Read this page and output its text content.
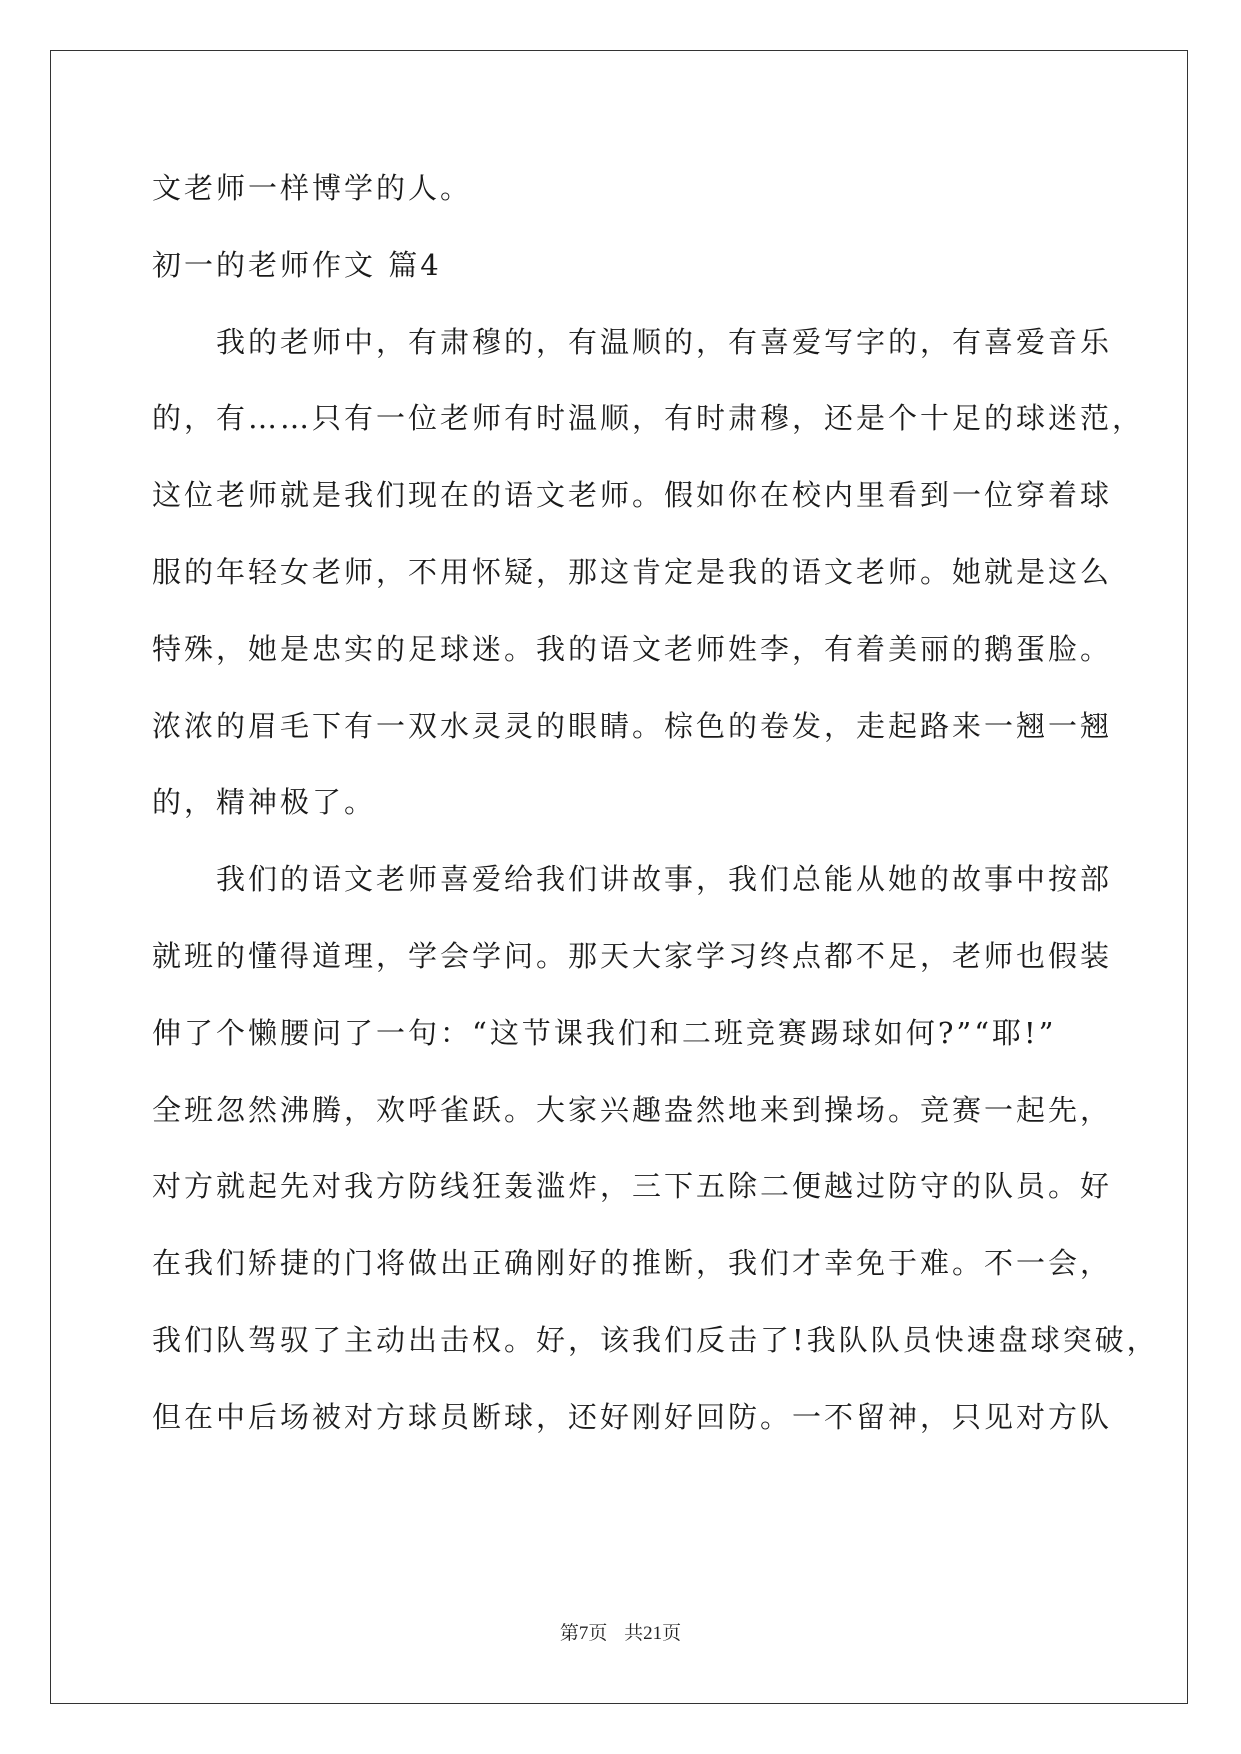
文老师一样博学的人。

初一的老师作文 篇4

我的老师中，有肃穆的，有温顺的，有喜爱写字的，有喜爱音乐

的，有……只有一位老师有时温顺，有时肃穆，还是个十足的球迷范，

这位老师就是我们现在的语文老师。假如你在校内里看到一位穿着球

服的年轻女老师，不用怀疑，那这肯定是我的语文老师。她就是这么

特殊，她是忠实的足球迷。我的语文老师姓李，有着美丽的鹅蛋脸。

浓浓的眉毛下有一双水灵灵的眼睛。棕色的卷发，走起路来一翘一翘

的，精神极了。

我们的语文老师喜爱给我们讲故事，我们总能从她的故事中按部

就班的懂得道理，学会学问。那天大家学习终点都不足，老师也假装

伸了个懒腰问了一句：“这节课我们和二班竞赛踢球如何?”“耶!”

全班忽然沸腾，欢呼雀跃。大家兴趣盎然地来到操场。竞赛一起先，

对方就起先对我方防线狂轰滥炸，三下五除二便越过防守的队员。好

在我们矫捷的门将做出正确刚好的推断，我们才幸免于难。不一会，

我们队驾驭了主动出击权。好，该我们反击了!我队队员快速盘球突破，

但在中后场被对方球员断球，还好刚好回防。一不留神，只见对方队

第7页 共21页
